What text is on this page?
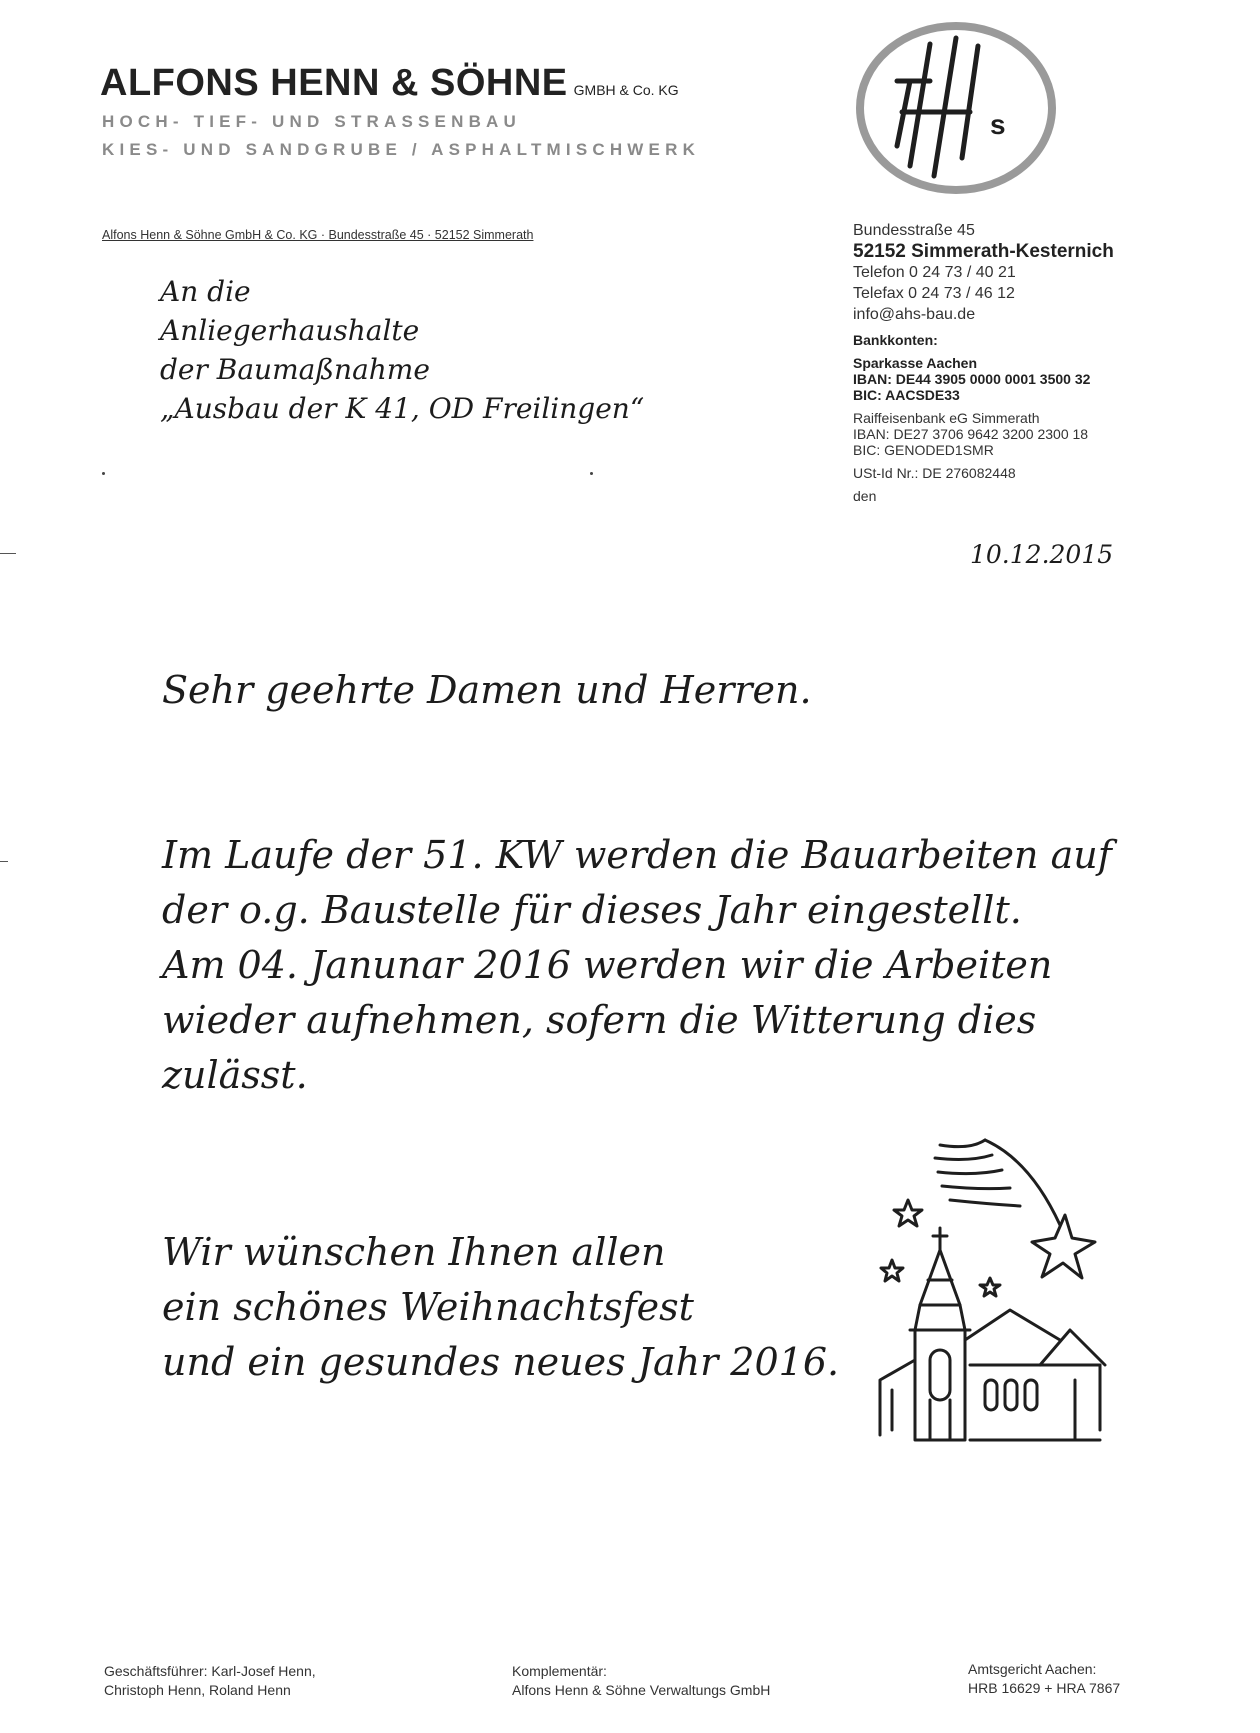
ALFONS HENN & SÖHNE GMBH & Co. KG
HOCH- TIEF- UND STRASSENBAU
KIES- UND SANDGRUBE / ASPHALTMISCHWERK
s
Alfons Henn & Söhne GmbH & Co. KG · Bundesstraße 45 · 52152 Simmerath
An die
Anliegerhaushalte
der Baumaßnahme
„Ausbau der K 41, OD Freilingen“
Bundesstraße 45
52152 Simmerath-Kesternich
Telefon 0 24 73 / 40 21
Telefax 0 24 73 / 46 12
info@ahs-bau.de
Bankkonten:
Sparkasse Aachen
IBAN: DE44 3905 0000 0001 3500 32
BIC: AACSDE33
Raiffeisenbank eG Simmerath
IBAN: DE27 3706 9642 3200 2300 18
BIC: GENODED1SMR
USt-Id Nr.: DE 276082448
den
10.12.2015
Sehr geehrte Damen und Herren.
Im Laufe der 51. KW werden die Bauarbeiten auf
der o.g. Baustelle für dieses Jahr eingestellt.
Am 04. Janunar 2016 werden wir die Arbeiten
wieder aufnehmen, sofern die Witterung dies
zulässt.
Wir wünschen Ihnen allen
ein schönes Weihnachtsfest
und ein gesundes neues Jahr 2016.
Geschäftsführer: Karl-Josef Henn,
Christoph Henn, Roland Henn
Komplementär:
Alfons Henn & Söhne Verwaltungs GmbH
Amtsgericht Aachen:
HRB 16629 + HRA 7867
